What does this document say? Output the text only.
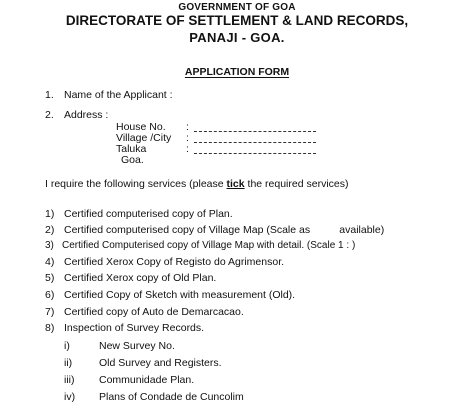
GOVERNMENT OF GOA
DIRECTORATE OF SETTLEMENT & LAND RECORDS,
PANAJI - GOA.
APPLICATION FORM
1. Name of the Applicant :
2. Address :
House No. :
Village /City :
Taluka	:
Goa.
I require the following services (please tick the required services)
1) Certified computerised copy of Plan.
2) Certified computerised copy of Village Map (Scale as          available)
3) Certified Computerised copy of Village Map with detail. (Scale 1 : )
4) Certified Xerox Copy of Registo do Agrimensor.
5) Certified Xerox copy of Old Plan.
6) Certified Copy of Sketch with measurement (Old).
7) Certified copy of Auto de Demarcacao.
8) Inspection of Survey Records.
i)	New Survey No.
ii)	Old Survey and Registers.
iii) Communidade Plan.
iv) Plans of Condade de Cuncolim
